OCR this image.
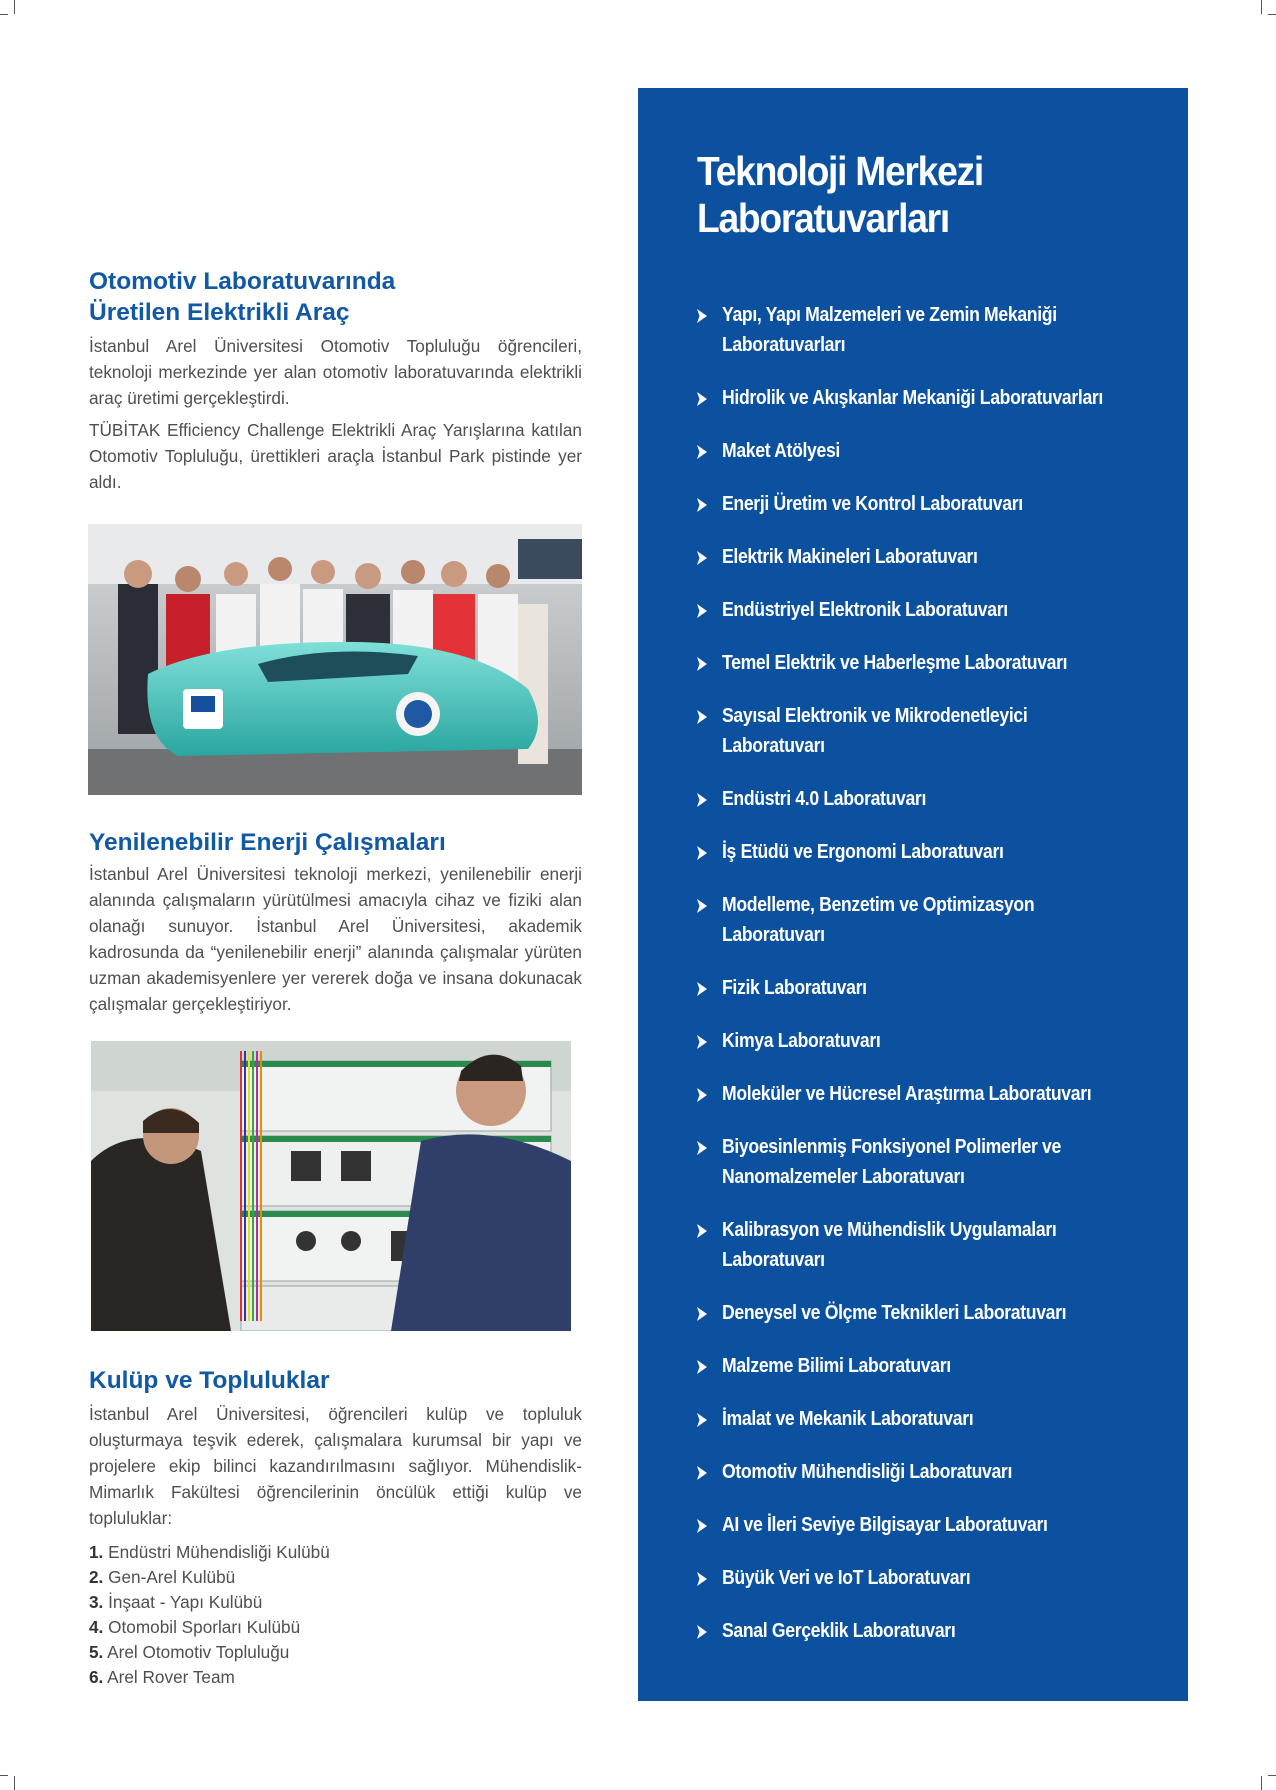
Otomotiv Laboratuvarında
Üretilen Elektrikli Araç

İstanbul Arel Üniversitesi Otomotiv Topluluğu öğrencileri, teknoloji merkezinde yer alan otomotiv laboratuvarında elektrikli araç üretimi gerçekleştirdi.

TÜBİTAK Efficiency Challenge Elektrikli Araç Yarışlarına katılan Otomotiv Topluluğu, ürettikleri araçla İstanbul Park pistinde yer aldı.

Yenilenebilir Enerji Çalışmaları

İstanbul Arel Üniversitesi teknoloji merkezi, yenilenebilir enerji alanında çalışmaların yürütülmesi amacıyla cihaz ve fiziki alan olanağı sunuyor. İstanbul Arel Üniversitesi, akademik kadrosunda da “yenilenebilir enerji” alanında çalışmalar yürüten uzman akademisyenlere yer vererek doğa ve insana dokunacak çalışmalar gerçekleştiriyor.

Kulüp ve Topluluklar

İstanbul Arel Üniversitesi, öğrencileri kulüp ve topluluk oluşturmaya teşvik ederek, çalışmalara kurumsal bir yapı ve projelere ekip bilinci kazandırılmasını sağlıyor. Mühendislik-Mimarlık Fakültesi öğrencilerinin öncülük ettiği kulüp ve topluluklar:

1. Endüstri Mühendisliği Kulübü
2. Gen-Arel Kulübü
3. İnşaat - Yapı Kulübü
4. Otomobil Sporları Kulübü
5. Arel Otomotiv Topluluğu
6. Arel Rover Team
Teknoloji Merkezi
Laboratuvarları
Yapı, Yapı Malzemeleri ve Zemin Mekaniği
Laboratuvarları
Hidrolik ve Akışkanlar Mekaniği Laboratuvarları
Maket Atölyesi
Enerji Üretim ve Kontrol Laboratuvarı
Elektrik Makineleri Laboratuvarı
Endüstriyel Elektronik Laboratuvarı
Temel Elektrik ve Haberleşme Laboratuvarı
Sayısal Elektronik ve Mikrodenetleyici
Laboratuvarı
Endüstri 4.0 Laboratuvarı
İş Etüdü ve Ergonomi Laboratuvarı
Modelleme, Benzetim ve Optimizasyon
Laboratuvarı
Fizik Laboratuvarı
Kimya Laboratuvarı
Moleküler ve Hücresel Araştırma Laboratuvarı
Biyoesinlenmiş Fonksiyonel Polimerler ve
Nanomalzemeler Laboratuvarı
Kalibrasyon ve Mühendislik Uygulamaları
Laboratuvarı
Deneysel ve Ölçme Teknikleri Laboratuvarı
Malzeme Bilimi Laboratuvarı
İmalat ve Mekanik Laboratuvarı
Otomotiv Mühendisliği Laboratuvarı
AI ve İleri Seviye Bilgisayar Laboratuvarı
Büyük Veri ve IoT Laboratuvarı
Sanal Gerçeklik Laboratuvarı
